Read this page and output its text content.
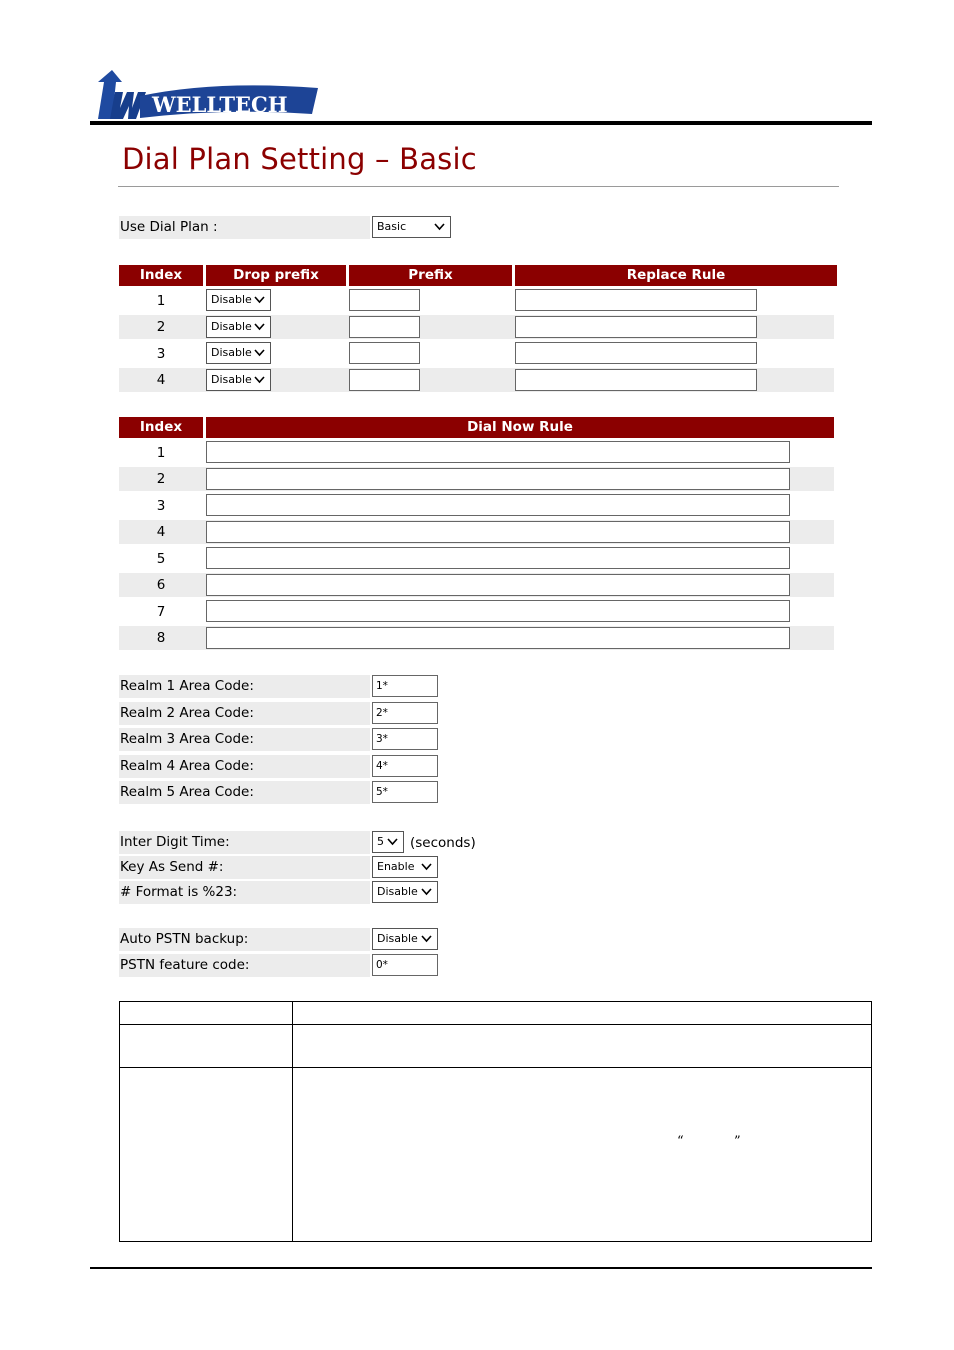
WELLTECH
Dial Plan Setting – Basic
Use Dial Plan :	Basic
Index	Drop prefix	Prefix	Replace Rule
1	Disable
2	Disable
3	Disable
4	Disable
Index	Dial Now Rule
1
2
3
4
5
6
7
8
Realm 1 Area Code:	1*
Realm 2 Area Code:	2*
Realm 3 Area Code:	3*
Realm 4 Area Code:	4*
Realm 5 Area Code:	5*
Inter Digit Time:	5	(seconds)
Key As Send #:	Enable
# Format is %23:	Disable
Auto PSTN backup:	Disable
PSTN feature code:	0*
“	”
